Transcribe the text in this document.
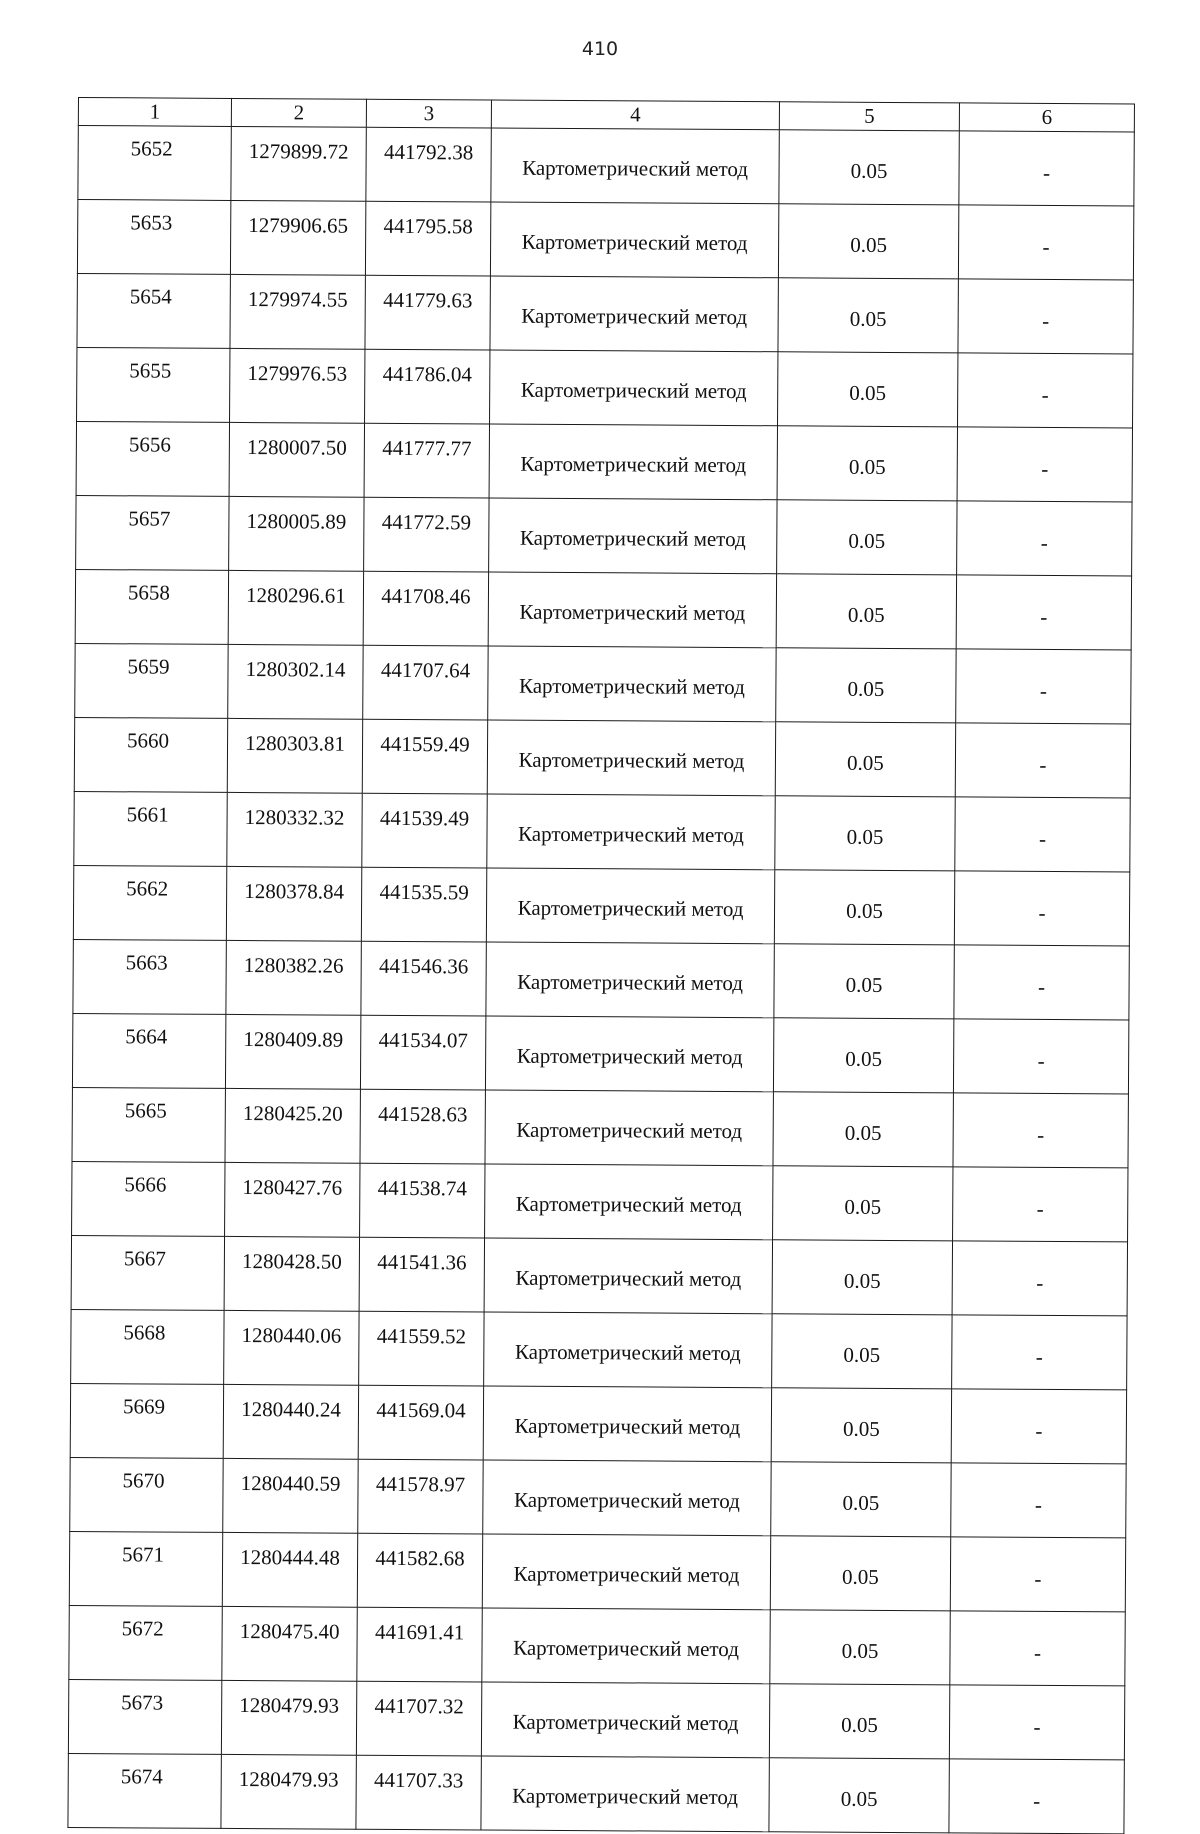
410
1	2	3	4	5	6
5652	1279899.72	441792.38	Картометрический метод	0.05	-
5653	1279906.65	441795.58	Картометрический метод	0.05	-
5654	1279974.55	441779.63	Картометрический метод	0.05	-
5655	1279976.53	441786.04	Картометрический метод	0.05	-
5656	1280007.50	441777.77	Картометрический метод	0.05	-
5657	1280005.89	441772.59	Картометрический метод	0.05	-
5658	1280296.61	441708.46	Картометрический метод	0.05	-
5659	1280302.14	441707.64	Картометрический метод	0.05	-
5660	1280303.81	441559.49	Картометрический метод	0.05	-
5661	1280332.32	441539.49	Картометрический метод	0.05	-
5662	1280378.84	441535.59	Картометрический метод	0.05	-
5663	1280382.26	441546.36	Картометрический метод	0.05	-
5664	1280409.89	441534.07	Картометрический метод	0.05	-
5665	1280425.20	441528.63	Картометрический метод	0.05	-
5666	1280427.76	441538.74	Картометрический метод	0.05	-
5667	1280428.50	441541.36	Картометрический метод	0.05	-
5668	1280440.06	441559.52	Картометрический метод	0.05	-
5669	1280440.24	441569.04	Картометрический метод	0.05	-
5670	1280440.59	441578.97	Картометрический метод	0.05	-
5671	1280444.48	441582.68	Картометрический метод	0.05	-
5672	1280475.40	441691.41	Картометрический метод	0.05	-
5673	1280479.93	441707.32	Картометрический метод	0.05	-
5674	1280479.93	441707.33	Картометрический метод	0.05	-
